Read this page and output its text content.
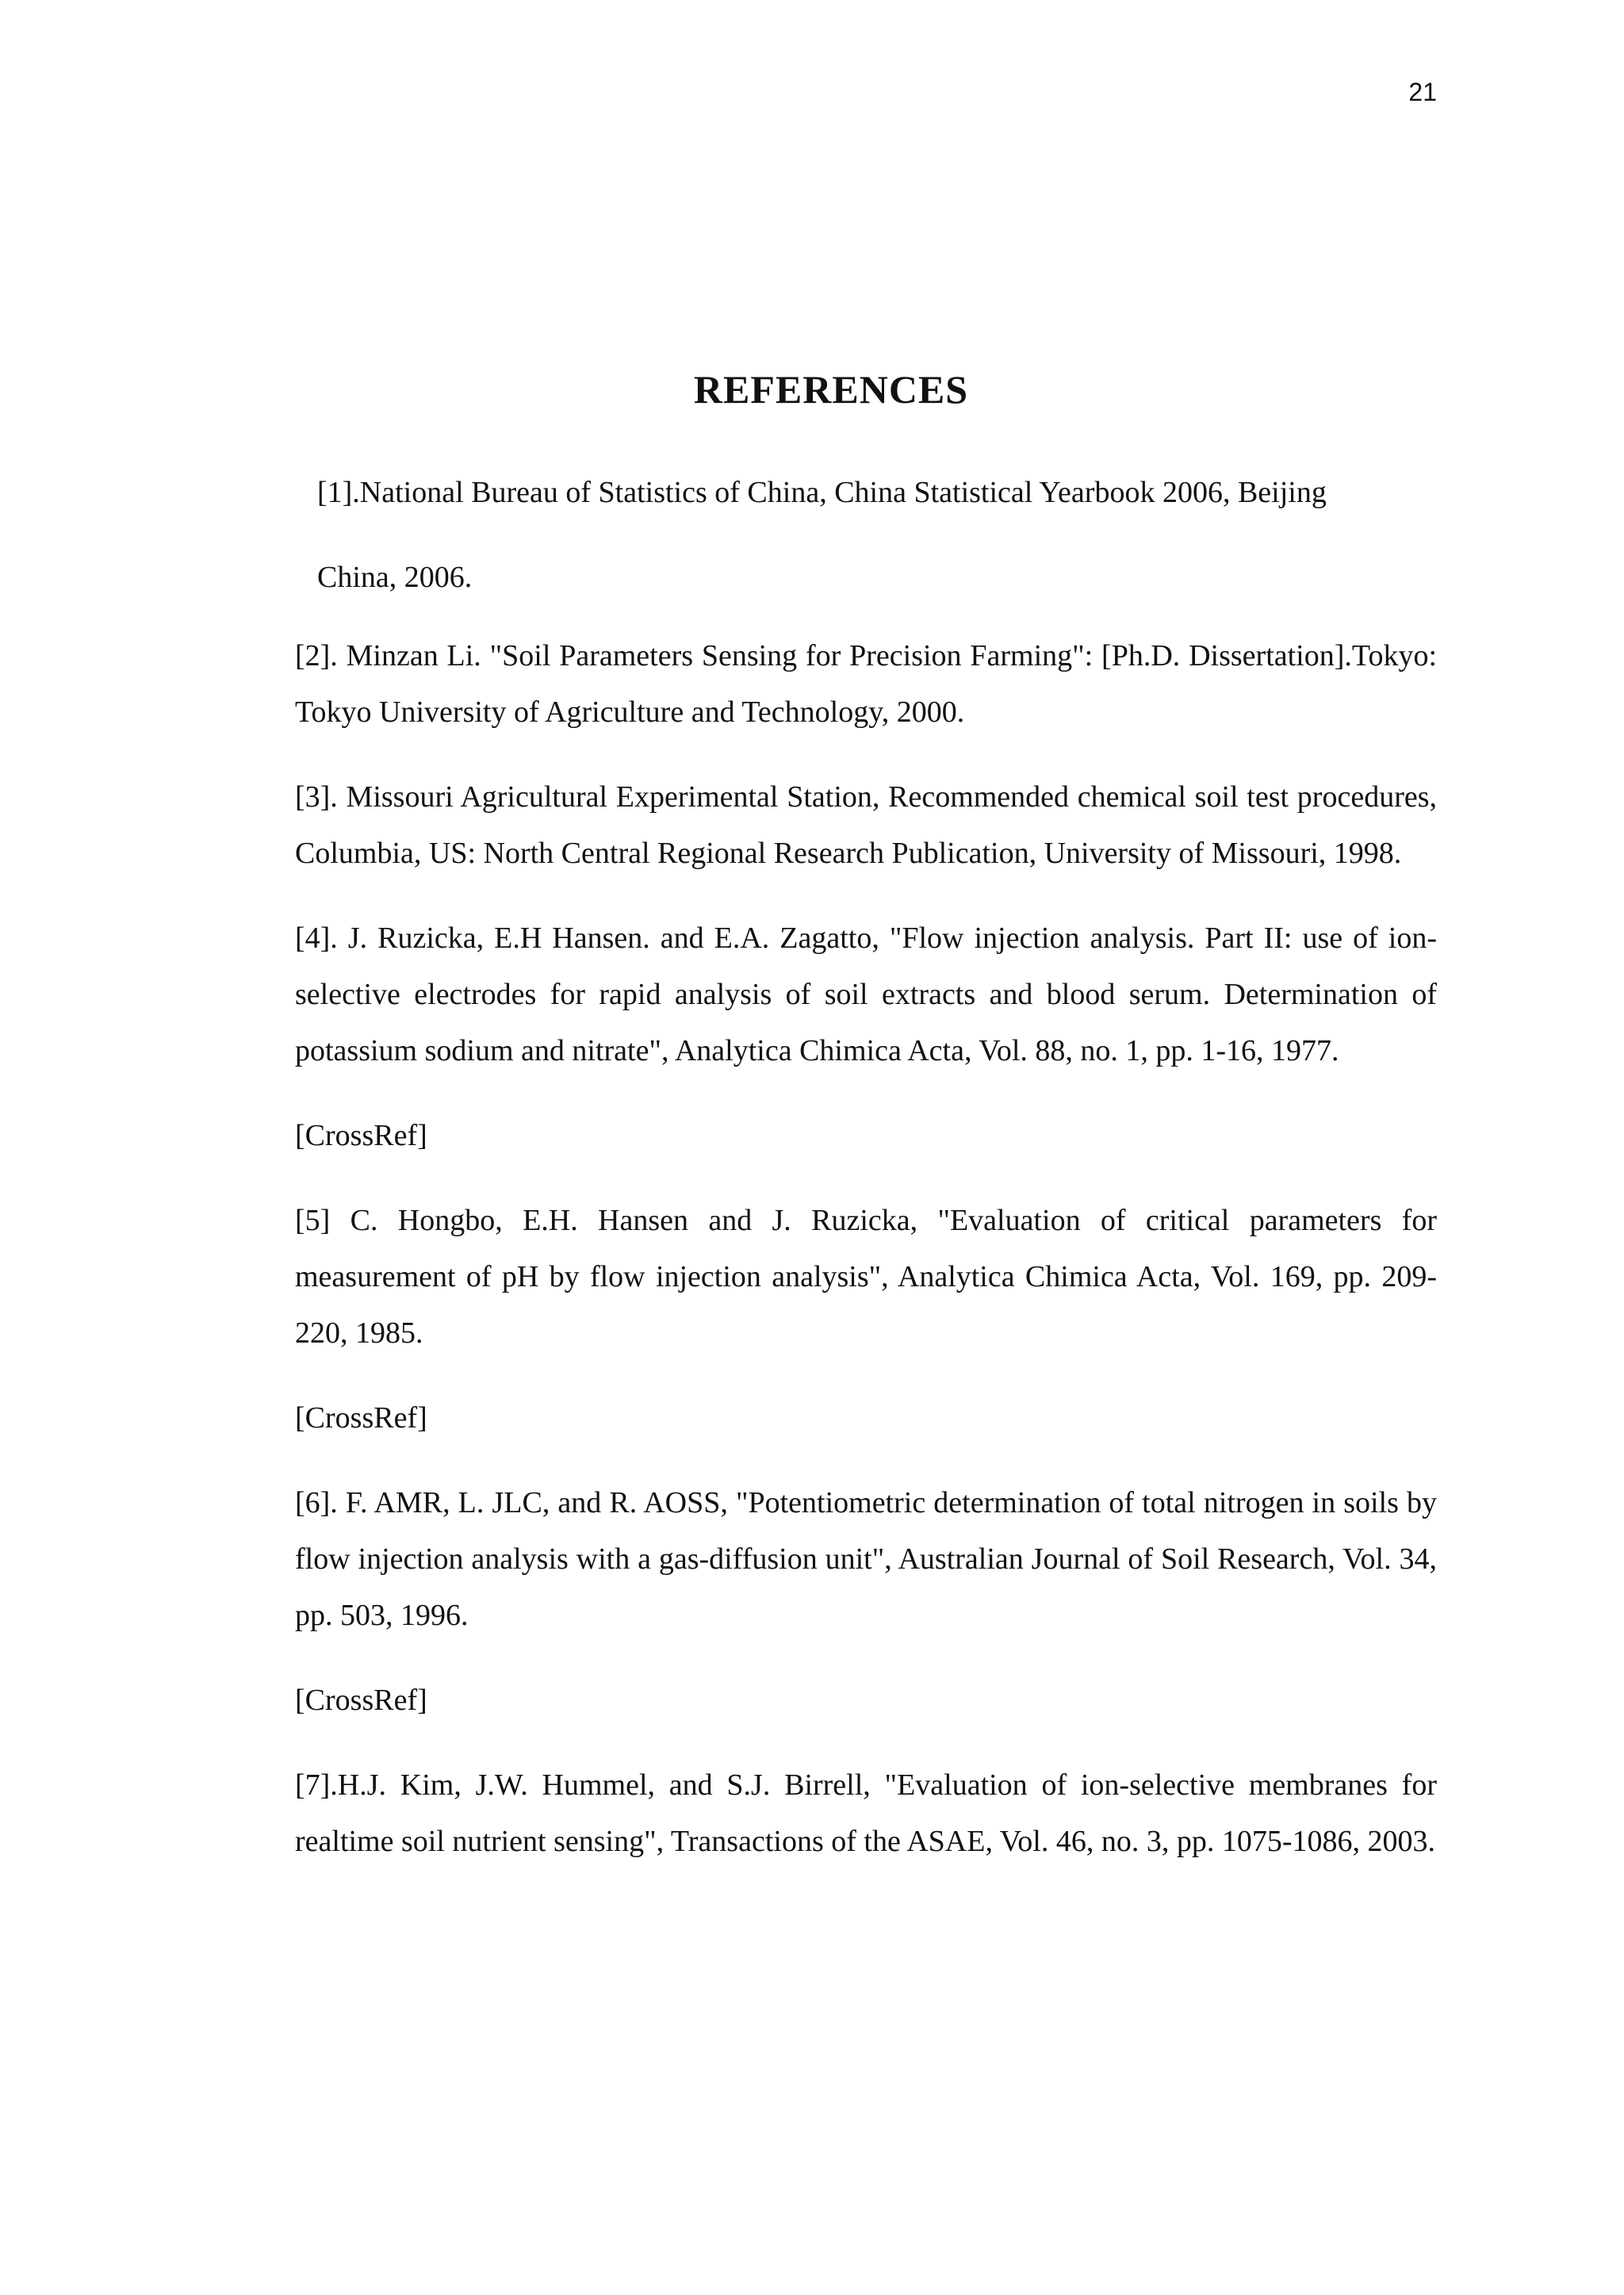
21
REFERENCES
[1].National Bureau of Statistics of China, China Statistical Yearbook 2006, Beijing
China, 2006.
[2]. Minzan Li. "Soil Parameters Sensing for Precision Farming": [Ph.D. Dissertation].Tokyo: Tokyo University of Agriculture and Technology, 2000.
[3]. Missouri Agricultural Experimental Station, Recommended chemical soil test procedures, Columbia, US: North Central Regional Research Publication, University of Missouri, 1998.
[4]. J. Ruzicka, E.H Hansen. and E.A. Zagatto, "Flow injection analysis. Part II: use of ion-selective electrodes for rapid analysis of soil extracts and blood serum. Determination of potassium sodium and nitrate", Analytica Chimica Acta, Vol. 88, no. 1, pp. 1-16, 1977.
[CrossRef]
[5] C. Hongbo, E.H. Hansen and J. Ruzicka, "Evaluation of critical parameters for measurement of pH by flow injection analysis", Analytica Chimica Acta, Vol. 169, pp. 209-220, 1985.
[CrossRef]
[6]. F. AMR, L. JLC, and R. AOSS, "Potentiometric determination of total nitrogen in soils by flow injection analysis with a gas-diffusion unit", Australian Journal of Soil Research, Vol. 34, pp. 503, 1996.
[CrossRef]
[7].H.J. Kim, J.W. Hummel, and S.J. Birrell, "Evaluation of ion-selective membranes for realtime soil nutrient sensing", Transactions of the ASAE, Vol. 46, no. 3, pp. 1075-1086, 2003.
